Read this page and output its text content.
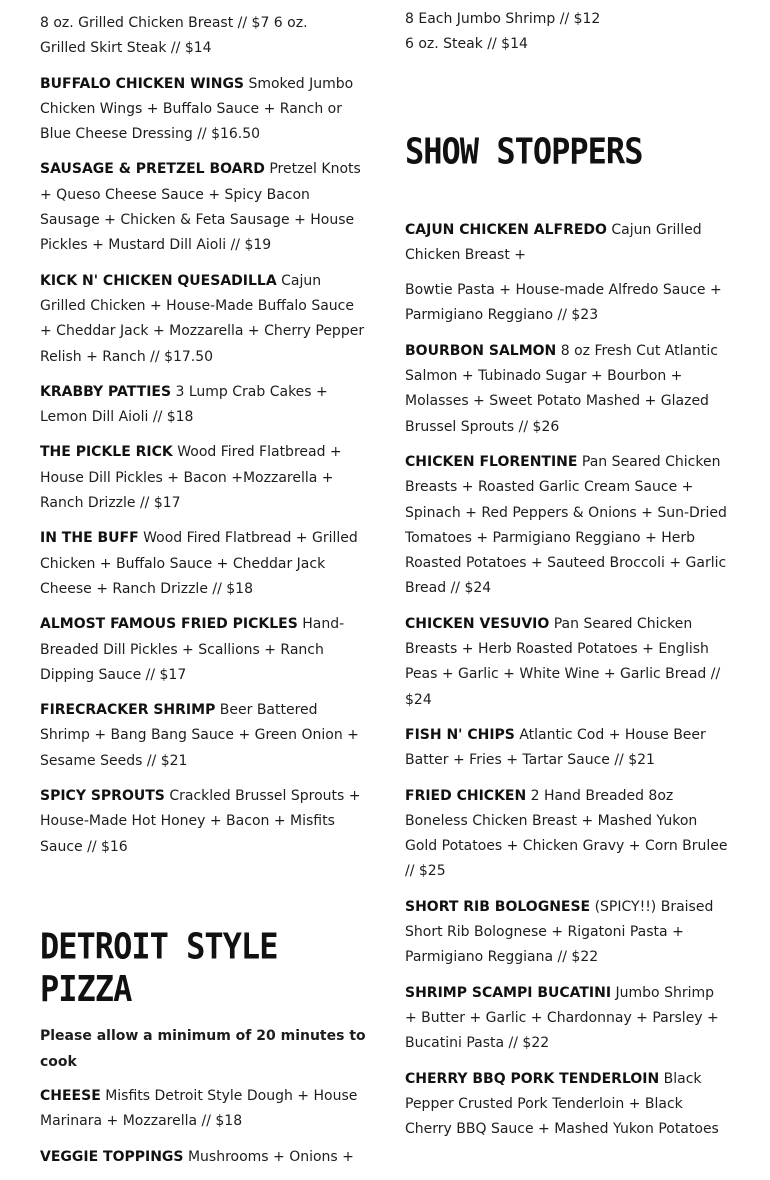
8 oz. Grilled Chicken Breast // $7 6 oz.
Grilled Skirt Steak // $14

BUFFALO CHICKEN WINGS Smoked Jumbo Chicken Wings + Buffalo Sauce + Ranch or Blue Cheese Dressing // $16.50

SAUSAGE & PRETZEL BOARD Pretzel Knots + Queso Cheese Sauce + Spicy Bacon Sausage + Chicken & Feta Sausage + House Pickles + Mustard Dill Aioli // $19

KICK N' CHICKEN QUESADILLA Cajun Grilled Chicken + House-Made Buffalo Sauce + Cheddar Jack + Mozzarella + Cherry Pepper Relish + Ranch // $17.50

KRABBY PATTIES 3 Lump Crab Cakes + Lemon Dill Aioli // $18

THE PICKLE RICK Wood Fired Flatbread + House Dill Pickles + Bacon +Mozzarella + Ranch Drizzle // $17

IN THE BUFF Wood Fired Flatbread + Grilled Chicken + Buffalo Sauce + Cheddar Jack Cheese + Ranch Drizzle // $18

ALMOST FAMOUS FRIED PICKLES Hand-Breaded Dill Pickles + Scallions + Ranch Dipping Sauce // $17

FIRECRACKER SHRIMP Beer Battered Shrimp + Bang Bang Sauce + Green Onion + Sesame Seeds // $21

SPICY SPROUTS Crackled Brussel Sprouts + House-Made Hot Honey + Bacon + Misfits Sauce // $16

DETROIT STYLE PIZZA

Please allow a minimum of 20 minutes to cook

CHEESE Misfits Detroit Style Dough + House Marinara + Mozzarella // $18

VEGGIE TOPPINGS Mushrooms + Onions +

8 Each Jumbo Shrimp // $12
6 oz. Steak // $14

SHOW STOPPERS

CAJUN CHICKEN ALFREDO Cajun Grilled Chicken Breast +

Bowtie Pasta + House-made Alfredo Sauce + Parmigiano Reggiano // $23

BOURBON SALMON 8 oz Fresh Cut Atlantic Salmon + Tubinado Sugar + Bourbon + Molasses + Sweet Potato Mashed + Glazed Brussel Sprouts // $26

CHICKEN FLORENTINE Pan Seared Chicken Breasts + Roasted Garlic Cream Sauce + Spinach + Red Peppers & Onions + Sun-Dried Tomatoes + Parmigiano Reggiano + Herb Roasted Potatoes + Sauteed Broccoli + Garlic Bread // $24

CHICKEN VESUVIO Pan Seared Chicken Breasts + Herb Roasted Potatoes + English Peas + Garlic + White Wine + Garlic Bread // $24

FISH N' CHIPS Atlantic Cod + House Beer Batter + Fries + Tartar Sauce // $21

FRIED CHICKEN 2 Hand Breaded 8oz Boneless Chicken Breast + Mashed Yukon Gold Potatoes + Chicken Gravy + Corn Brulee // $25

SHORT RIB BOLOGNESE (SPICY!!) Braised Short Rib Bolognese + Rigatoni Pasta + Parmigiano Reggiana // $22

SHRIMP SCAMPI BUCATINI Jumbo Shrimp + Butter + Garlic + Chardonnay + Parsley + Bucatini Pasta // $22

CHERRY BBQ PORK TENDERLOIN Black Pepper Crusted Pork Tenderloin + Black Cherry BBQ Sauce + Mashed Yukon Potatoes
